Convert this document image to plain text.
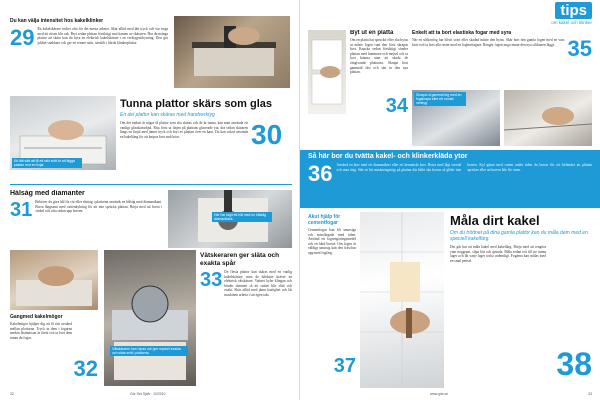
Du kan välja intensitet hos kakelklinker
29 En kakelskärare räcker ofta för det mesta arbetet. Skär alltid med lätt tryck och var noga med att ritsen blir rak. Bryt sedan plattan försiktigt mot kanten av skäraren. Har du många plattor att skära kan du hyra en elektrisk kakelskärare i en verktygsuthyrning. Den gör jobbet snabbare och ger ett renare snitt, särskilt i hårda klinkerplattor.
Tunna plattor skärs som glas
En del plattor kan skäras med handverktyg
Om det endast är några få plattor som ska skäras och de är tunna, kan man använda ett vanligt glasskärarhjul. Rita först ut linjen på plattans glaserade yta, dra sedan skäraren längs en linjal med jämnt tryck och bryt av plattan över en kant. Du kan också använda en kakeltång för att knipsa bort små bitar.	30
Ett lätt sätt att få ett rakt snitt är att lägga plattan mot en linjal.
Hålsåg med diamanter
31 Behöver du göra hål för rör eller eluttag i plattorna används en hålsåg med diamantkant. Borra långsamt med vattenkylning för att inte spräcka plattan. Börja med att borra i vinkel och räta sedan upp borren.
Här har tagit ett hål med en hålsåg diamantkant.
Gangmed kakelmögor
Kakelmögor hjälper dig att få rätt avstånd mellan plattorna. Tryck in dem i fogarna medan fästmassan är färsk och ta bort dem innan du fogar.
32
Våtskäraren kan hyras och ger mycket exakta och släta snitt i plattorna.
Vätskeraren ger släta och exakta spår
33 De flesta plattor kan skäras med en vanlig kakelskärare, men de hårdaste kräver en elektrisk våtskärare. Vattnet kyler klingan och binder dammet så att snittet blir slätt och exakt. Skär alltid med jämn hastighet och låt maskinen arbeta i sin egen takt.
32	Gör Det Själv · 10/2010
tips
om kakel och klinker
Byt ut en platta
Om en platta har spruckit eller ska bytas ut måste fogen runt den först skrapas bort. Knacka sedan försiktigt sönder plattan med hammare och mejsel och ta bort bitarna utan att skada de omgivande plattorna. Skrapa bort gammalt fäst och sätt in den nya plattan.
34
Enkelt att ta bort elastiska fogar med syra
När en silikonfog har blivit svart eller skadad måste den bytas. Skär bort den gamla fogen med en vass kniv och ta bort alla rester med en fogborttagare. Rengör fogen noga innan den nya silikonen läggs. 35
Skrapa ut gammal fog med en fogskrapa eller ett rundat verktyg.
Så här bor du tvätta kakel- och klinkerkläda ytor
36 Använd en borr med ett diamantborr eller ett keramiskt borr. Borra med lågt varvtal och utan slag. Sätt en bit maskeringstejp på plattan där hålet ska borras så glider inte borren. Kyl gärna med vatten under tiden du borrar för att förhindra att plattan spricker eller att borren blir för varm.
Akut hjälp för cementfogar
Cementfogar kan bli smutsiga och missfärgade med tiden. Använd ett fogrengöringsmedel och en hård borste. Om fogen är väldigt smutsig kan den fräschas upp med fogfärg.
37
Måla dirt kakel
Om du tröttnat på dina gamla plattor kan du måla dem med en speciell kakelfärg.
Det går bra att måla kakel med kakelfärg. Börja med att rengöra ytan noggrant, slipa lätt och grunda. Måla sedan två till tre tunna lager och låt varje lager torka ordentligt. Fogarna kan målas med en smal pensel.
38
www.gds.se	33
